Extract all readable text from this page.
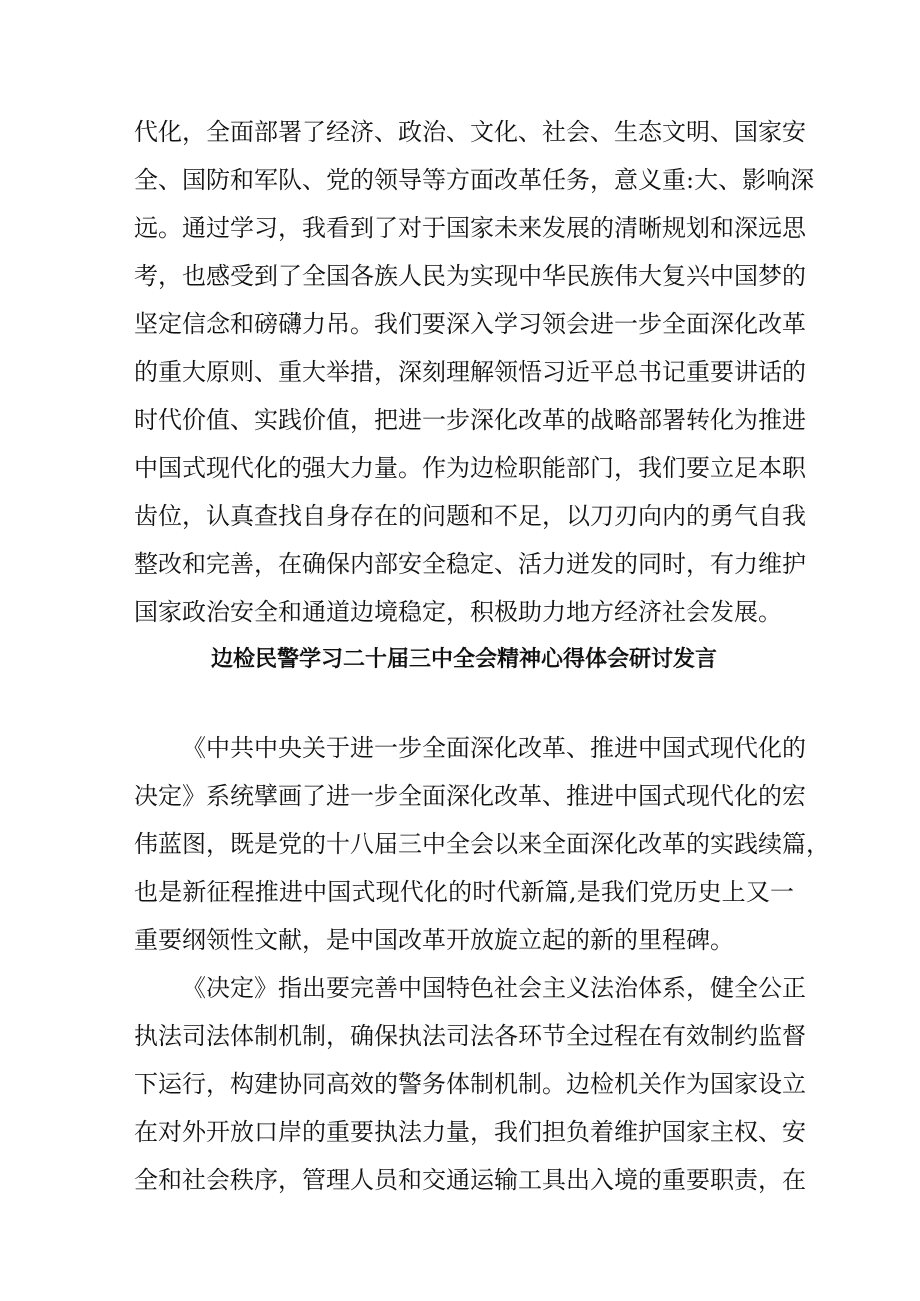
代化，全面部署了经济、政治、文化、社会、生态文明、国家安
全、国防和军队、党的领导等方面改革任务，意义重:大、影响深
远。通过学习，我看到了对于国家未来发展的清晰规划和深远思
考，也感受到了全国各族人民为实现中华民族伟大复兴中国梦的
坚定信念和磅礴力吊。我们要深入学习领会进一步全面深化改革
的重大原则、重大举措，深刻理解领悟习近平总书记重要讲话的
时代价值、实践价值，把进一步深化改革的战略部署转化为推进
中国式现代化的强大力量。作为边检职能部门，我们要立足本职
齿位，认真查找自身存在的问题和不足，以刀刃向内的勇气自我
整改和完善，在确保内部安全稳定、活力迸发的同时，有力维护
国家政治安全和通道边境稳定，积极助力地方经济社会发展。
边检民警学习二十届三中全会精神心得体会研讨发言
《中共中央关于进一步全面深化改革、推进中国式现代化的
决定》系统擘画了进一步全面深化改革、推进中国式现代化的宏
伟蓝图，既是党的十八届三中全会以来全面深化改革的实践续篇，
也是新征程推进中国式现代化的时代新篇,是我们党历史上又一
重要纲领性文献，是中国改革开放旋立起的新的里程碑。
《决定》指出要完善中国特色社会主义法治体系，健全公正
执法司法体制机制，确保执法司法各环节全过程在有效制约监督
下运行，构建协同高效的警务体制机制。边检机关作为国家设立
在对外开放口岸的重要执法力量，我们担负着维护国家主权、安
全和社会秩序，管理人员和交通运输工具出入境的重要职责，在
